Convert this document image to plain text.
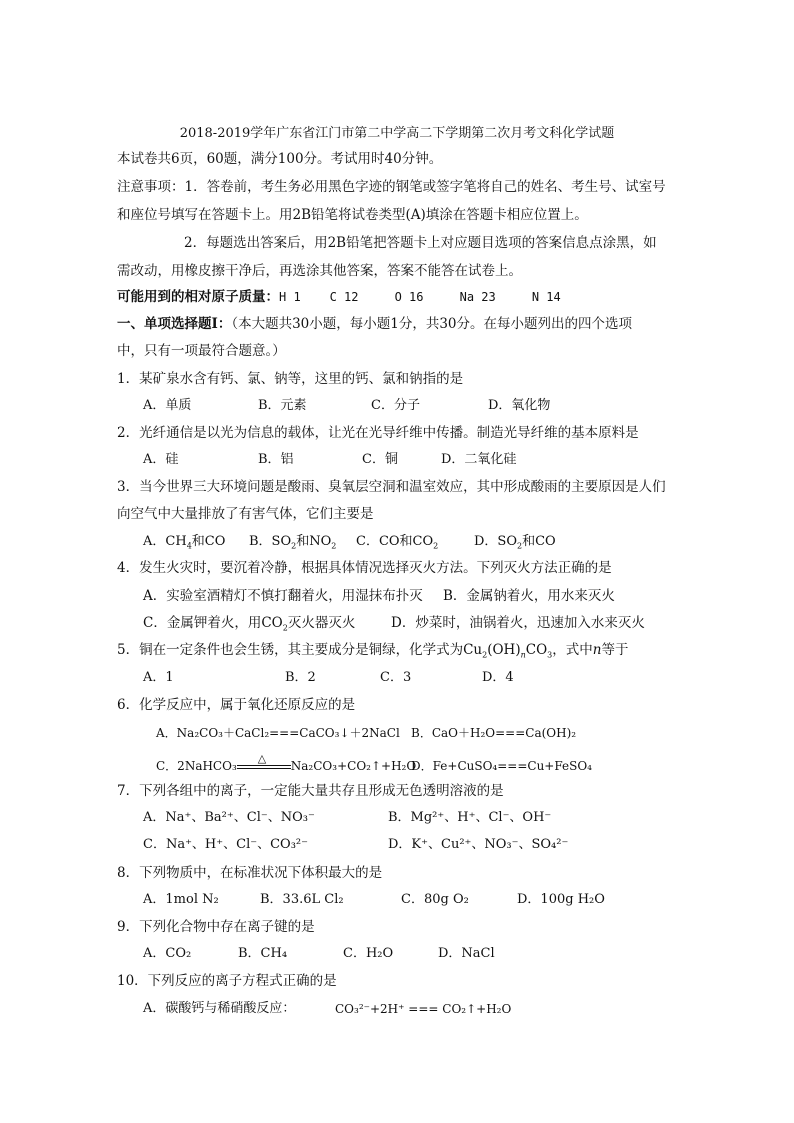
2018-2019学年广东省江门市第二中学高二下学期第二次月考文科化学试题
本试卷共6页，60题，满分100分。考试用时40分钟。
注意事项：1．答卷前，考生务必用黑色字迹的钢笔或签字笔将自己的姓名、考生号、试室号
和座位号填写在答题卡上。用2B铅笔将试卷类型(A)填涂在答题卡相应位置上。
2．每题选出答案后，用2B铅笔把答题卡上对应题目选项的答案信息点涂黑，如
需改动，用橡皮擦干净后，再选涂其他答案，答案不能答在试卷上。
可能用到的相对原子质量：H 1    C 12     O 16     Na 23     N 14
一、单项选择题Ⅰ：（本大题共30小题，每小题1分，共30分。在每小题列出的四个选项
中，只有一项最符合题意。）
1．某矿泉水含有钙、氯、钠等，这里的钙、氯和钠指的是
A．单质	B．元素	C．分子	D．氧化物
2．光纤通信是以光为信息的载体，让光在光导纤维中传播。制造光导纤维的基本原料是
A．硅	B．铝	C．铜	D．二氧化硅
3．当今世界三大环境问题是酸雨、臭氧层空洞和温室效应，其中形成酸雨的主要原因是人们
向空气中大量排放了有害气体，它们主要是
A．$CH_4$和CO B．$SO_2$和$NO_2$ C．CO和$CO_2$	D．$SO_2$和CO
4．发生火灾时，要沉着冷静，根据具体情况选择灭火方法。下列灭火方法正确的是
A．实验室酒精灯不慎打翻着火，用湿抹布扑灭 B．金属钠着火，用水来灭火
C．金属钾着火，用$CO_2$灭火器灭火	D．炒菜时，油锅着火，迅速加入水来灭火
5．铜在一定条件也会生锈，其主要成分是铜绿，化学式为$Cu_2(OH)_nCO_3$，式中n等于
A．1	B．2	C．3	D．4
6．化学反应中，属于氧化还原反应的是
A．Na₂CO₃＋CaCl₂===CaCO₃↓＋2NaCl B．CaO＋H₂O===Ca(OH)₂
C．2NaHCO₃
△
Na₂CO₃+CO₂↑+H₂O
D．Fe+CuSO₄===Cu+FeSO₄
7．下列各组中的离子，一定能大量共存且形成无色透明溶液的是
A．Na⁺、Ba²⁺、Cl⁻、NO₃⁻	B．Mg²⁺、H⁺、Cl⁻、OH⁻
C．Na⁺、H⁺、Cl⁻、CO₃²⁻	D．K⁺、Cu²⁺、NO₃⁻、SO₄²⁻
8．下列物质中，在标准状况下体积最大的是
A．1mol N₂	B．33.6L Cl₂	C．80g O₂	D．100g H₂O
9．下列化合物中存在离子键的是
A．CO₂	B．CH₄	C．H₂O	D．NaCl
10．下列反应的离子方程式正确的是
A．碳酸钙与稀硝酸反应：	CO₃²⁻+2H⁺ === CO₂↑+H₂O
